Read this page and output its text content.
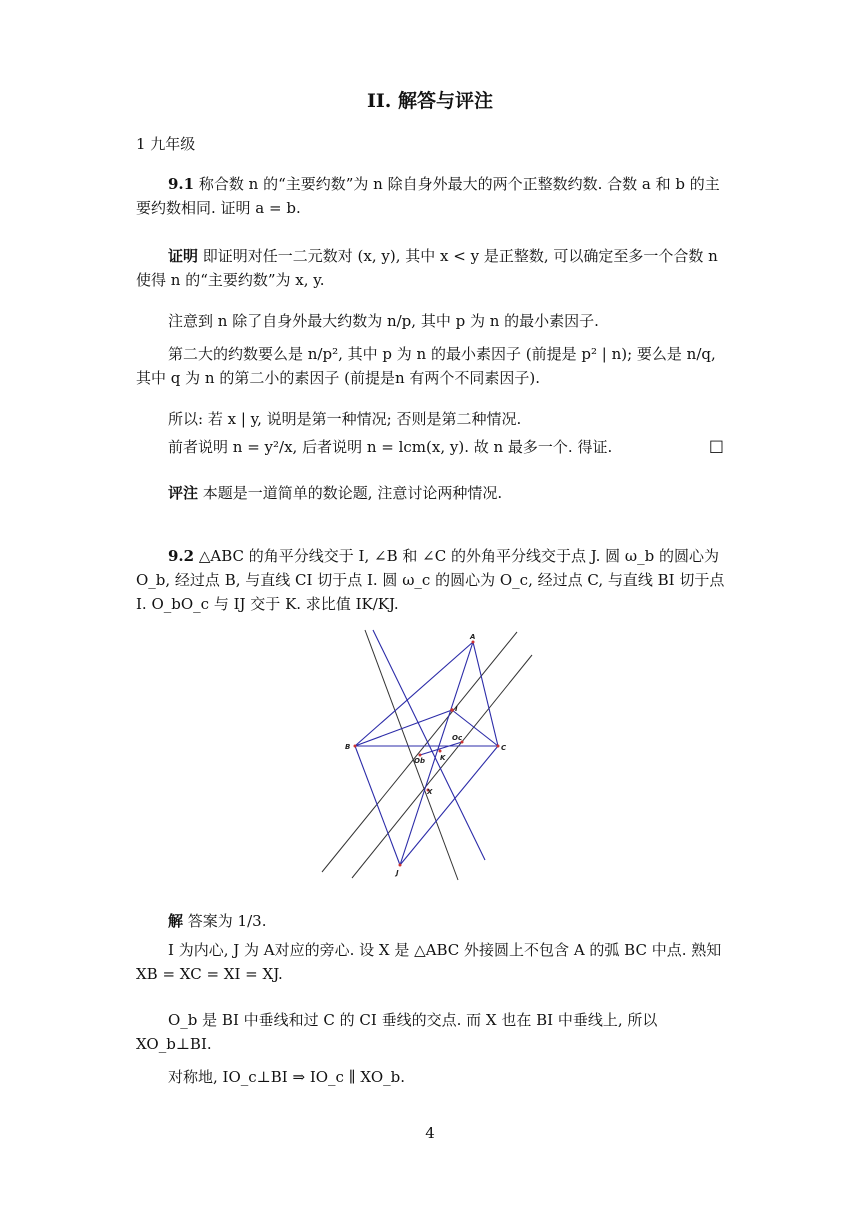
II. 解答与评注
1 九年级
9.1 称合数 n 的“主要约数”为 n 除自身外最大的两个正整数约数. 合数 a 和 b 的主要约数相同. 证明 a = b.
证明 即证明对任一二元数对 (x, y), 其中 x < y 是正整数, 可以确定至多一个合数 n 使得 n 的“主要约数”为 x, y.
注意到 n 除了自身外最大约数为 n/p, 其中 p 为 n 的最小素因子.
第二大的约数要么是 n/p², 其中 p 为 n 的最小素因子 (前提是 p² | n); 要么是 n/q, 其中 q 为 n 的第二小的素因子 (前提是n 有两个不同素因子).
所以: 若 x | y, 说明是第一种情况; 否则是第二种情况.
前者说明 n = y²/x, 后者说明 n = lcm(x, y). 故 n 最多一个. 得证.	□
评注 本题是一道简单的数论题, 注意讨论两种情况.
9.2 △ABC 的角平分线交于 I, ∠B 和 ∠C 的外角平分线交于点 J. 圆 ω_b 的圆心为 O_b, 经过点 B, 与直线 CI 切于点 I. 圆 ω_c 的圆心为 O_c, 经过点 C, 与直线 BI 切于点 I. O_bO_c 与 IJ 交于 K. 求比值 IK/KJ.
A
B	C
I
J
K
X
Ob
Oc
解 答案为 1/3.
I 为内心, J 为 A对应的旁心. 设 X 是 △ABC 外接圆上不包含 A 的弧 BC 中点. 熟知 XB = XC = XI = XJ.
O_b 是 BI 中垂线和过 C 的 CI 垂线的交点. 而 X 也在 BI 中垂线上, 所以 XO_b⊥BI.
对称地, IO_c⊥BI ⇒ IO_c ∥ XO_b.
4
